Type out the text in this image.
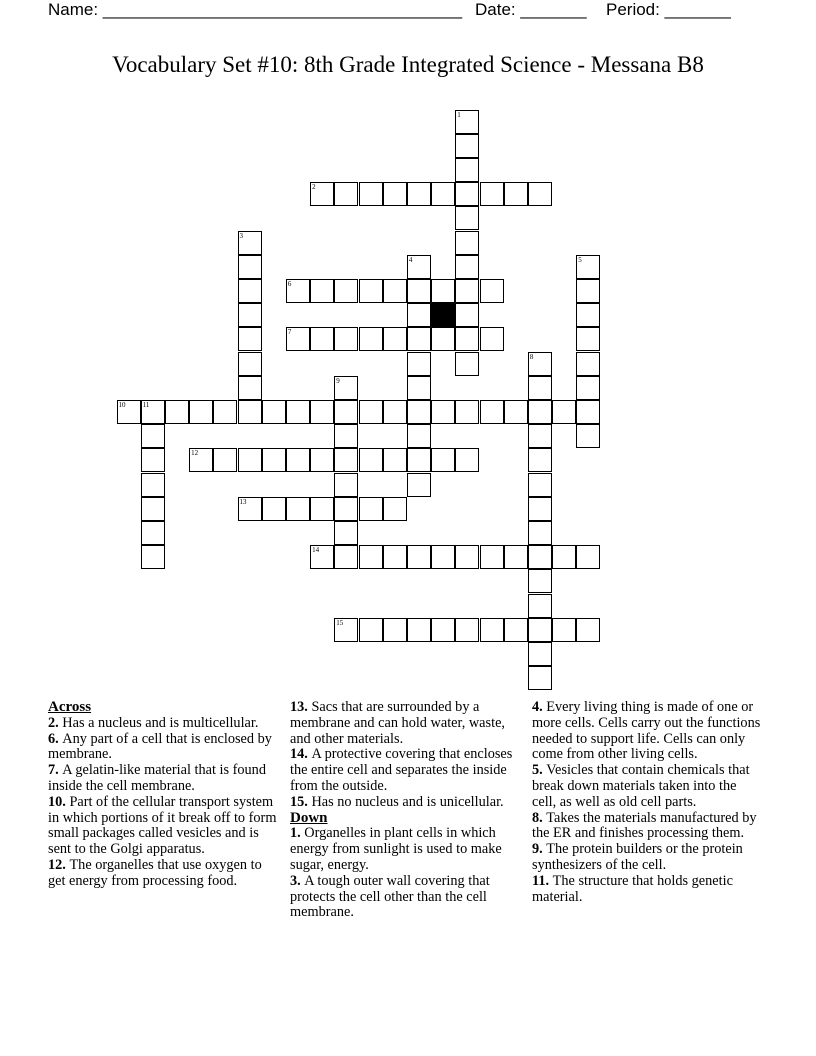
Name: ______________________________________ Date: _______ Period: _______
Vocabulary Set #10: 8th Grade Integrated Science - Messana B8
1
2
3
4	5
6
7
8
9
10 11
12
13
14
15
Across
2. Has a nucleus and is multicellular.
6. Any part of a cell that is enclosed by membrane.
7. A gelatin-like material that is found inside the cell membrane.
10. Part of the cellular transport system in which portions of it break off to form small packages called vesicles and is sent to the Golgi apparatus.
12. The organelles that use oxygen to get energy from processing food.
13. Sacs that are surrounded by a membrane and can hold water, waste, and other materials.
14. A protective covering that encloses the entire cell and separates the inside from the outside.
15. Has no nucleus and is unicellular.
Down
1. Organelles in plant cells in which energy from sunlight is used to make sugar, energy.
3. A tough outer wall covering that protects the cell other than the cell membrane.
4. Every living thing is made of one or more cells. Cells carry out the functions needed to support life. Cells can only come from other living cells.
5. Vesicles that contain chemicals that break down materials taken into the cell, as well as old cell parts.
8. Takes the materials manufactured by the ER and finishes processing them.
9. The protein builders or the protein synthesizers of the cell.
11. The structure that holds genetic material.
